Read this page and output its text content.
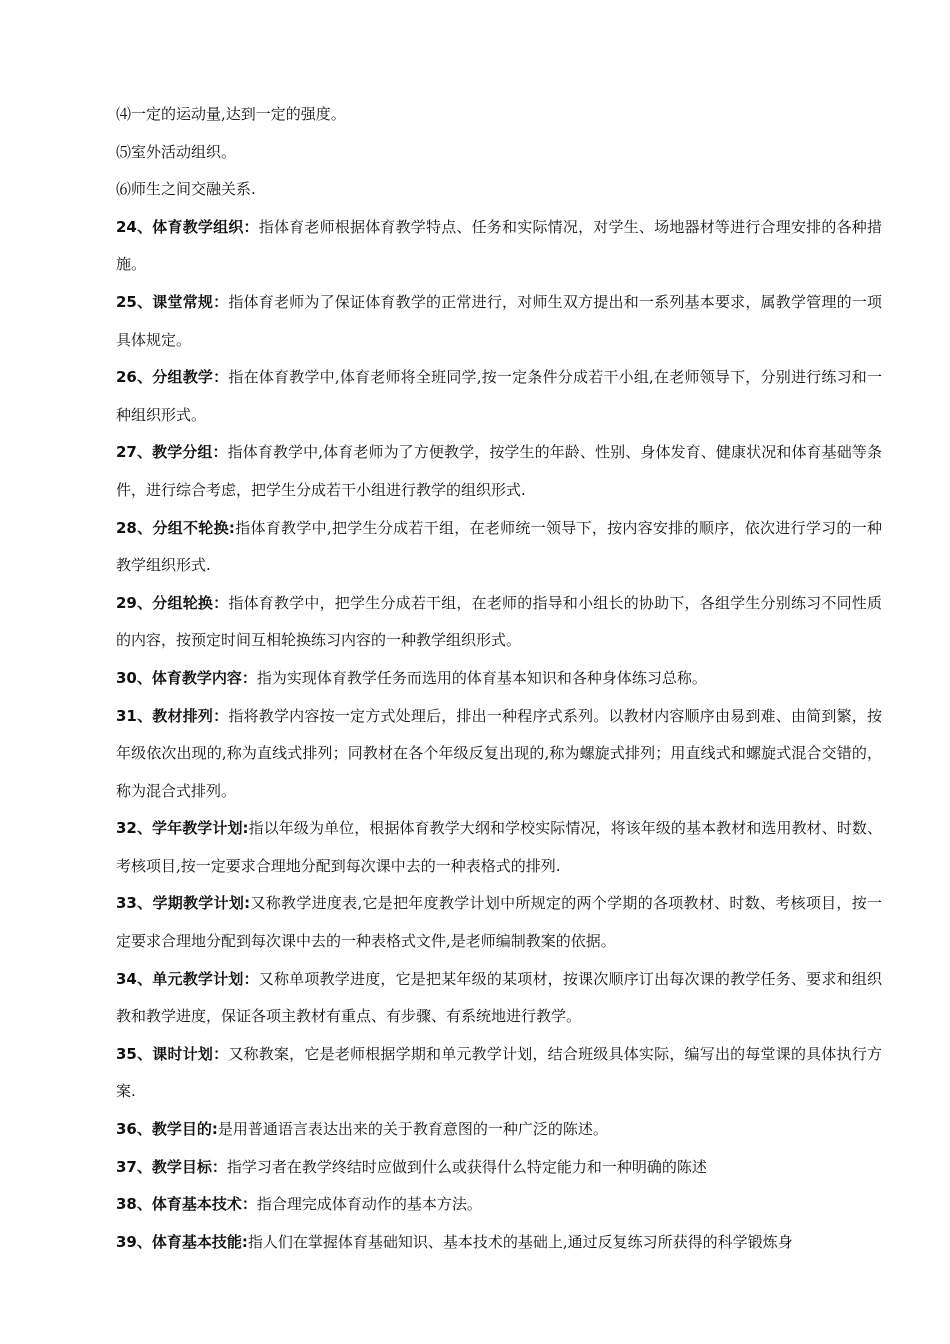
⑷一定的运动量,达到一定的强度。

⑸室外活动组织。

⑹师生之间交融关系.

24、体育教学组织：指体育老师根据体育教学特点、任务和实际情况，对学生、场地器材等进行合理安排的各种措施。

25、课堂常规：指体育老师为了保证体育教学的正常进行，对师生双方提出和一系列基本要求，属教学管理的一项具体规定。

26、分组教学：指在体育教学中,体育老师将全班同学,按一定条件分成若干小组,在老师领导下，分别进行练习和一种组织形式。

27、教学分组：指体育教学中,体育老师为了方便教学，按学生的年龄、性别、身体发育、健康状况和体育基础等条件，进行综合考虑，把学生分成若干小组进行教学的组织形式.

28、分组不轮换:指体育教学中,把学生分成若干组，在老师统一领导下，按内容安排的顺序，依次进行学习的一种教学组织形式.

29、分组轮换：指体育教学中，把学生分成若干组，在老师的指导和小组长的协助下，各组学生分别练习不同性质的内容，按预定时间互相轮换练习内容的一种教学组织形式。

30、体育教学内容：指为实现体育教学任务而选用的体育基本知识和各种身体练习总称。

31、教材排列：指将教学内容按一定方式处理后，排出一种程序式系列。以教材内容顺序由易到难、由简到繁，按年级依次出现的,称为直线式排列；同教材在各个年级反复出现的,称为螺旋式排列；用直线式和螺旋式混合交错的，称为混合式排列。

32、学年教学计划:指以年级为单位，根据体育教学大纲和学校实际情况，将该年级的基本教材和选用教材、时数、考核项目,按一定要求合理地分配到每次课中去的一种表格式的排列.

33、学期教学计划:又称教学进度表,它是把年度教学计划中所规定的两个学期的各项教材、时数、考核项目，按一定要求合理地分配到每次课中去的一种表格式文件,是老师编制教案的依据。

34、单元教学计划：又称单项教学进度，它是把某年级的某项材，按课次顺序订出每次课的教学任务、要求和组织教和教学进度，保证各项主教材有重点、有步骤、有系统地进行教学。

35、课时计划：又称教案，它是老师根据学期和单元教学计划，结合班级具体实际，编写出的每堂课的具体执行方案.

36、教学目的:是用普通语言表达出来的关于教育意图的一种广泛的陈述。

37、教学目标：指学习者在教学终结时应做到什么或获得什么特定能力和一种明确的陈述

38、体育基本技术：指合理完成体育动作的基本方法。

39、体育基本技能:指人们在掌握体育基础知识、基本技术的基础上,通过反复练习所获得的科学锻炼身
